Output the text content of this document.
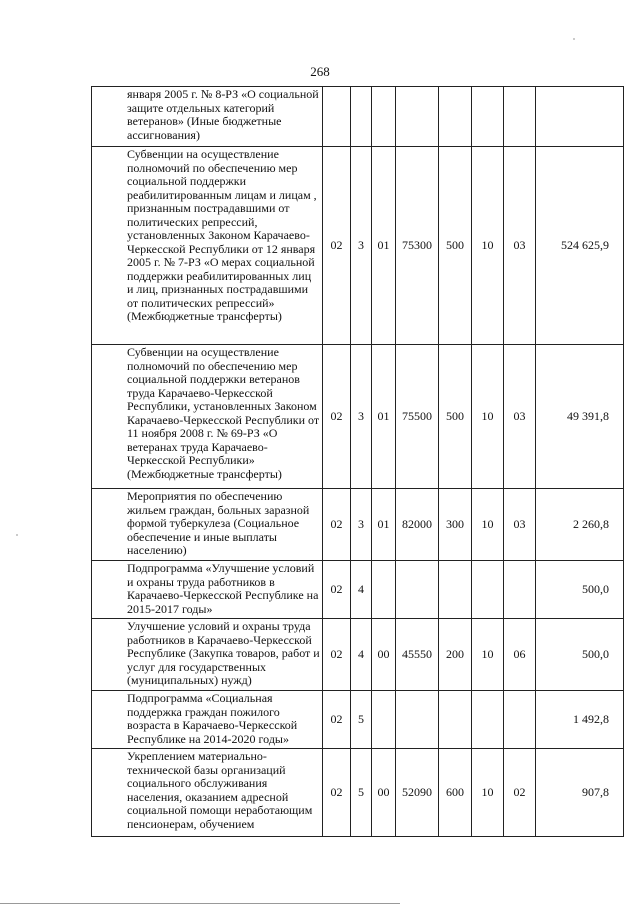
268
января 2005 г. № 8-РЗ «О социальной защите отдельных категорий ветеранов» (Иные бюджетные ассигнования)								
Субвенции на осуществление полномочий по обеспечению мер социальной поддержки реабилитированным лицам и лицам , признанным пострадавшими от политических репрессий, установленных Законом Карачаево-Черкесской Республики от 12 января 2005 г. № 7-РЗ «О мерах социальной поддержки реабилитированных лиц и лиц, признанных пострадавшими от политических репрессий» (Межбюджетные трансферты)	02	3	01	75300	500	10	03	524 625,9
Субвенции на осуществление полномочий по обеспечению мер социальной поддержки ветеранов труда Карачаево-Черкесской Республики, установленных Законом Карачаево-Черкесской Республики от 11 ноября 2008 г. № 69-РЗ «О ветеранах труда Карачаево-Черкесской Республики» (Межбюджетные трансферты)	02	3	01	75500	500	10	03	49 391,8
Мероприятия по обеспечению жильем граждан, больных заразной формой туберкулеза (Социальное обеспечение и иные выплаты населению)	02	3	01	82000	300	10	03	2 260,8
Подпрограмма «Улучшение условий и охраны труда работников в Карачаево-Черкесской Республике на 2015-2017 годы»	02	4						500,0
Улучшение условий и охраны труда работников в Карачаево-Черкесской Республике (Закупка товаров, работ и услуг для государственных (муниципальных) нужд)	02	4	00	45550	200	10	06	500,0
Подпрограмма «Социальная поддержка граждан пожилого возраста в Карачаево-Черкесской Республике на 2014-2020 годы»	02	5						1 492,8
Укреплением материально-технической базы организаций социального обслуживания населения, оказанием адресной социальной помощи неработающим пенсионерам, обучением	02	5	00	52090	600	10	02	907,8
